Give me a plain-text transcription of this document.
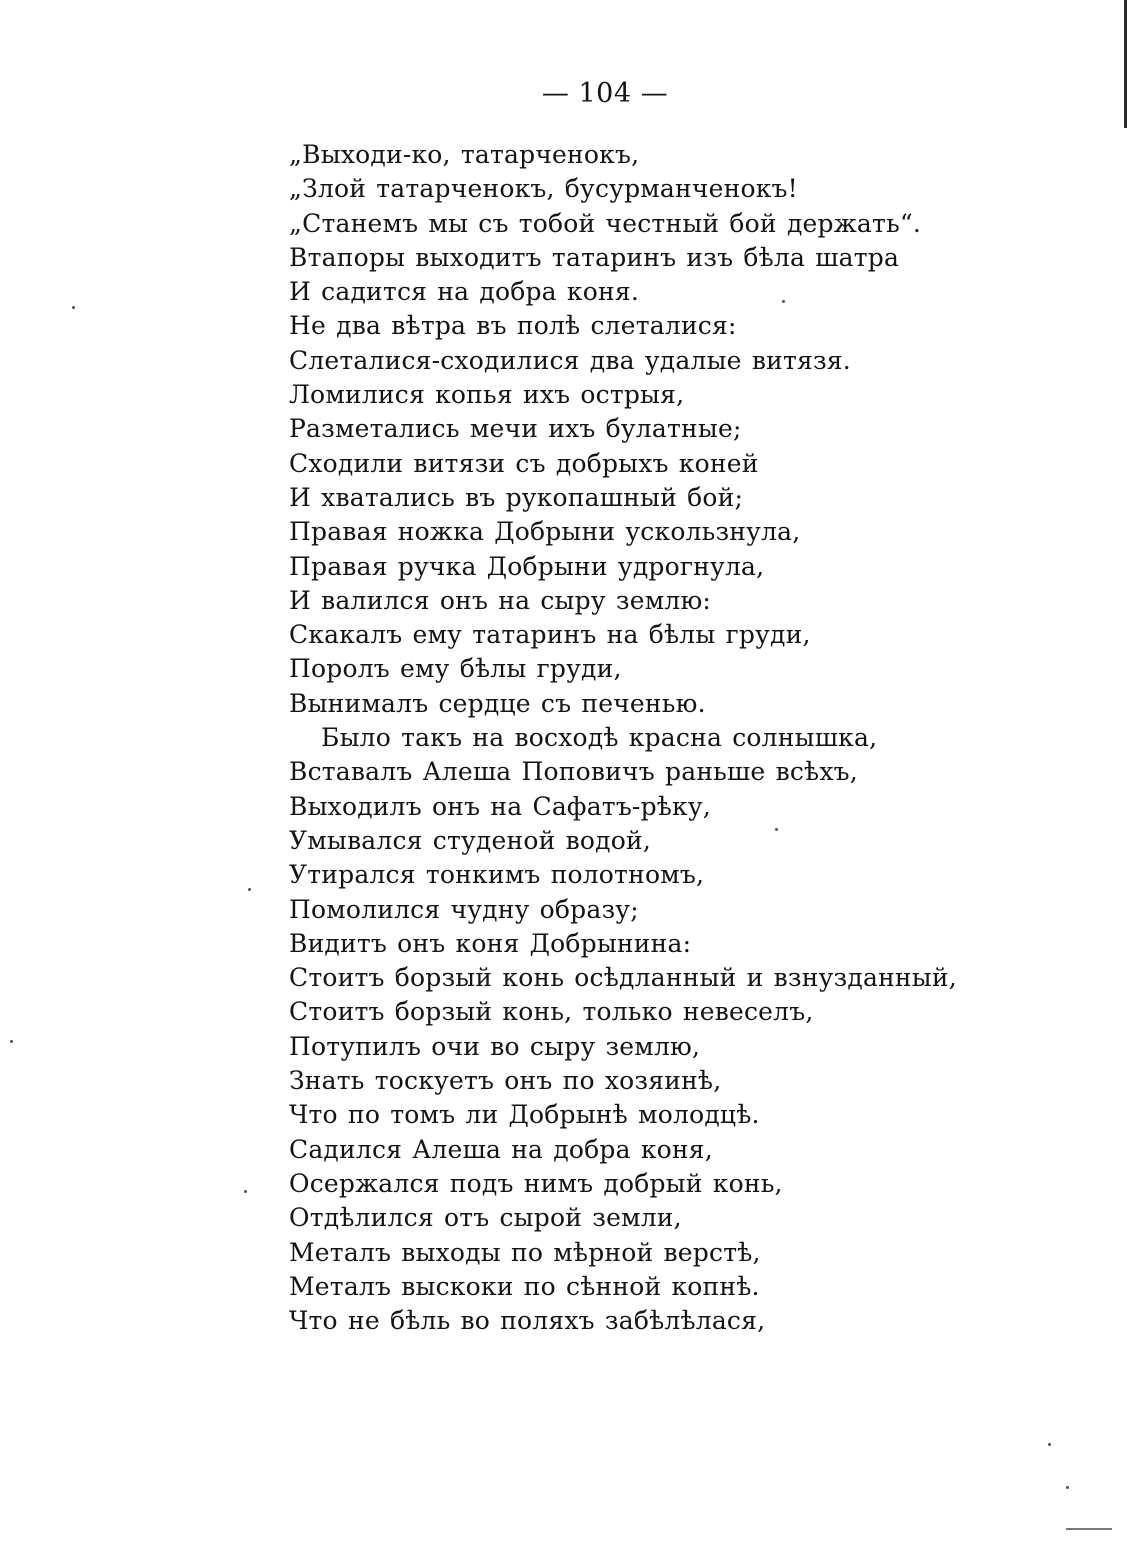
— 104 —
„Выходи-ко, татарченокъ,
„Злой татарченокъ, бусурманченокъ!
„Станемъ мы съ тобой честный бой держать“.
Втапоры выходитъ татаринъ изъ бѣла шатра
И садится на добра коня.
Не два вѣтра въ полѣ слеталися:
Слеталися-сходилися два удалые витязя.
Ломилися копья ихъ острыя,
Разметались мечи ихъ булатные;
Сходили витязи съ добрыхъ коней
И хватались въ рукопашный бой;
Правая ножка Добрыни ускользнула,
Правая ручка Добрыни удрогнула,
И валился онъ на сыру землю:
Скакалъ ему татаринъ на бѣлы груди,
Поролъ ему бѣлы груди,
Вынималъ сердце съ печенью.
Было такъ на восходѣ красна солнышка,
Вставалъ Алеша Поповичъ раньше всѣхъ,
Выходилъ онъ на Сафатъ-рѣку,
Умывался студеной водой,
Утирался тонкимъ полотномъ,
Помолился чудну образу;
Видитъ онъ коня Добрынина:
Стоитъ борзый конь осѣдланный и взнузданный,
Стоитъ борзый конь, только невеселъ,
Потупилъ очи во сыру землю,
Знать тоскуетъ онъ по хозяинѣ,
Что по томъ ли Добрынѣ молодцѣ.
Садился Алеша на добра коня,
Осержался подъ нимъ добрый конь,
Отдѣлился отъ сырой земли,
Металъ выходы по мѣрной верстѣ,
Металъ выскоки по сѣнной копнѣ.
Что не бѣль во поляхъ забѣлѣлася,
